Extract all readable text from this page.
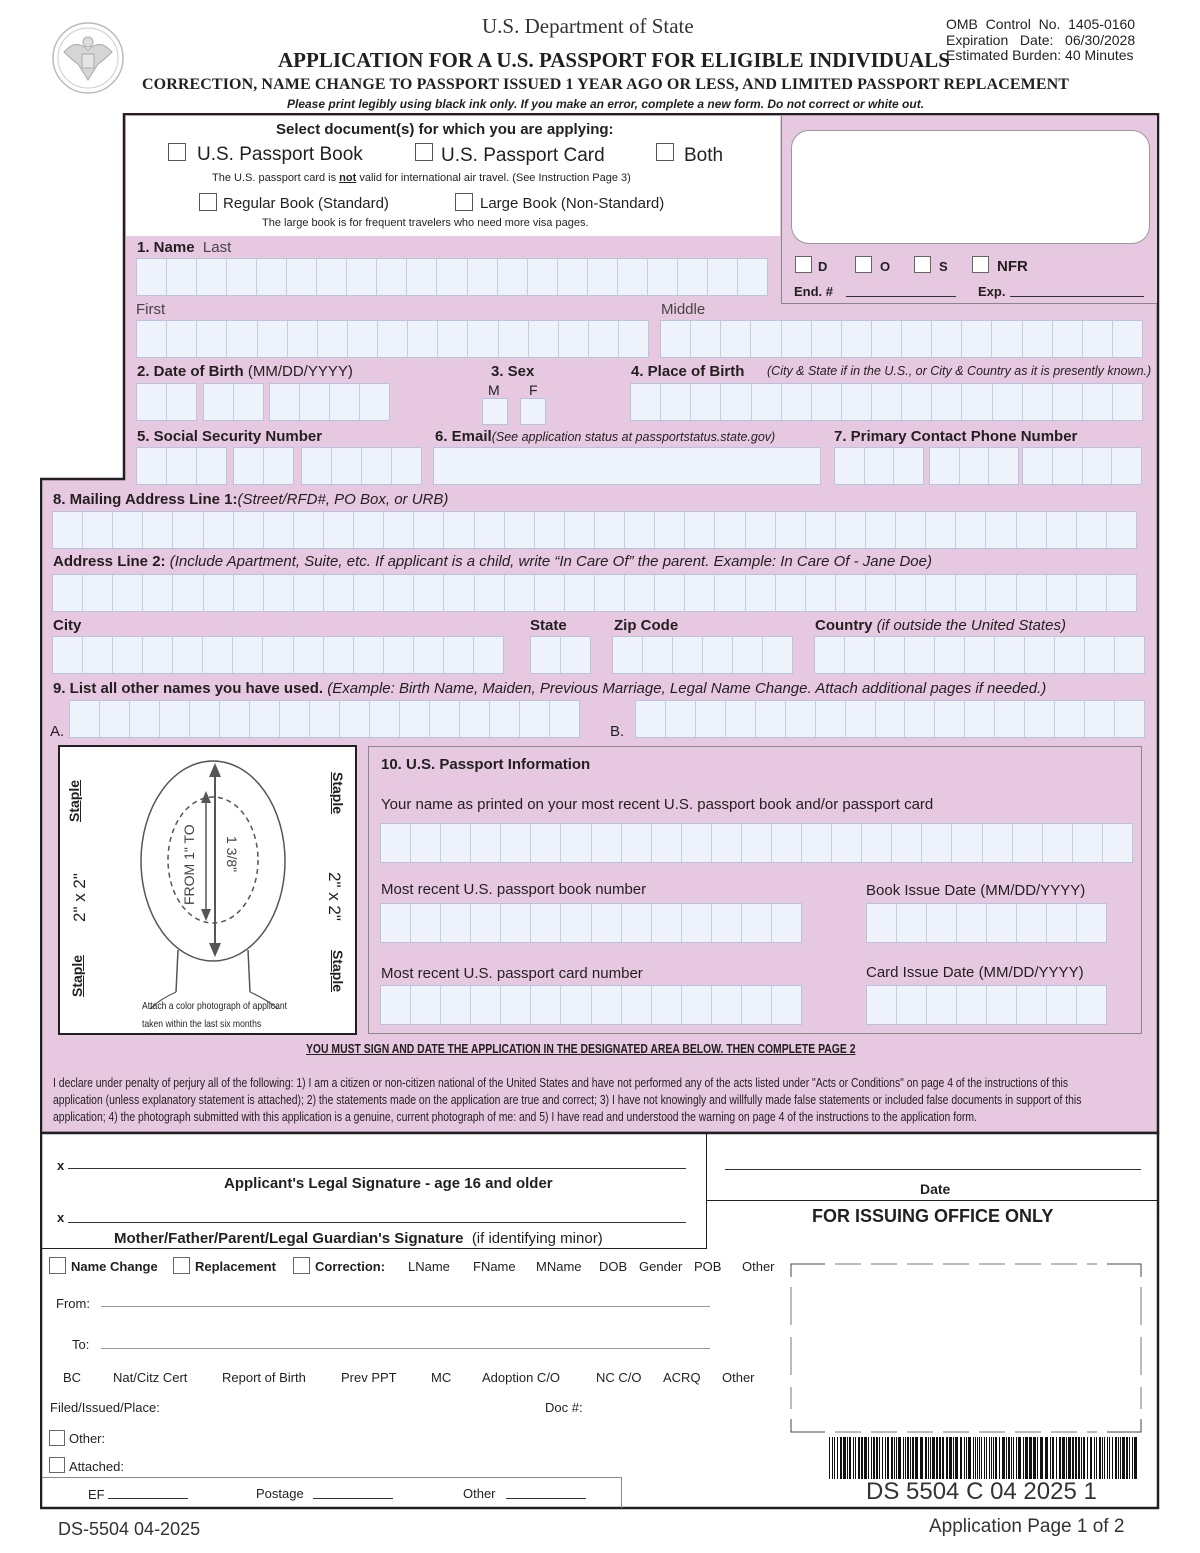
U.S. Department of State
APPLICATION FOR A U.S. PASSPORT FOR ELIGIBLE INDIVIDUALS
CORRECTION, NAME CHANGE TO PASSPORT ISSUED 1 YEAR AGO OR LESS, AND LIMITED PASSPORT REPLACEMENT
Please print legibly using black ink only. If you make an error, complete a new form. Do not correct or white out.
OMB  Control  No.  1405-0160
Expiration   Date:   06/30/2028
Estimated Burden: 40 Minutes
Select document(s) for which you are applying:
U.S. Passport Book	U.S. Passport Card	Both
The U.S. passport card is not valid for international air travel. (See Instruction Page 3)
Regular Book (Standard)	Large Book (Non-Standard)
The large book is for frequent travelers who need more visa pages.
D	O	S	NFR
End. #	Exp.
1. Name Last
First	Middle
2. Date of Birth (MM/DD/YYYY)	3. Sex
M F
4. Place of Birth (City & State if in the U.S., or City & Country as it is presently known.)
5. Social Security Number	6. Email(See application status at passportstatus.state.gov)	7. Primary Contact Phone Number
8. Mailing Address Line 1:(Street/RFD#, PO Box, or URB)
Address Line 2: (Include Apartment, Suite, etc. If applicant is a child, write “In Care Of” the parent. Example: In Care Of - Jane Doe)
City	State	Zip Code	Country (if outside the United States)
9. List all other names you have used. (Example: Birth Name, Maiden, Previous Marriage, Legal Name Change. Attach additional pages if needed.)
A.	B.
Staple
Staple
Staple
Staple
2" x 2"	2" x 2"
FROM 1" TO 1 3/8"
Attach a color photograph of applicant
taken within the last six months
10. U.S. Passport Information
Your name as printed on your most recent U.S. passport book and/or passport card
Most recent U.S. passport book number	Book Issue Date (MM/DD/YYYY)
Most recent U.S. passport card number	Card Issue Date (MM/DD/YYYY)
YOU MUST SIGN AND DATE THE APPLICATION IN THE DESIGNATED AREA BELOW. THEN COMPLETE PAGE 2
I declare under penalty of perjury all of the following: 1) I am a citizen or non-citizen national of the United States and have not performed any of the acts listed under "Acts or Conditions" on page 4 of the instructions of this
application (unless explanatory statement is attached); 2) the statements made on the application are true and correct; 3) I have not knowingly and willfully made false statements or included false documents in support of this
application; 4) the photograph submitted with this application is a genuine, current photograph of me: and 5) I have read and understood the warning on page 4 of the instructions to the application form.
x
Applicant's Legal Signature - age 16 and older
x
Mother/Father/Parent/Legal Guardian's Signature (if identifying minor)
Date
FOR ISSUING OFFICE ONLY
Name Change	Replacement	Correction: LName FName MName DOB Gender POB Other
From:
To:
BC Nat/Citz Cert	Report of Birth	Prev PPT	MC Adoption C/O	NC C/O ACRQ Other
Filed/Issued/Place:	Doc #:
Other:
Attached:
EF	Postage	Other	DS 5504 C 04 2025 1
DS-5504 04-2025	Application Page 1 of 2
